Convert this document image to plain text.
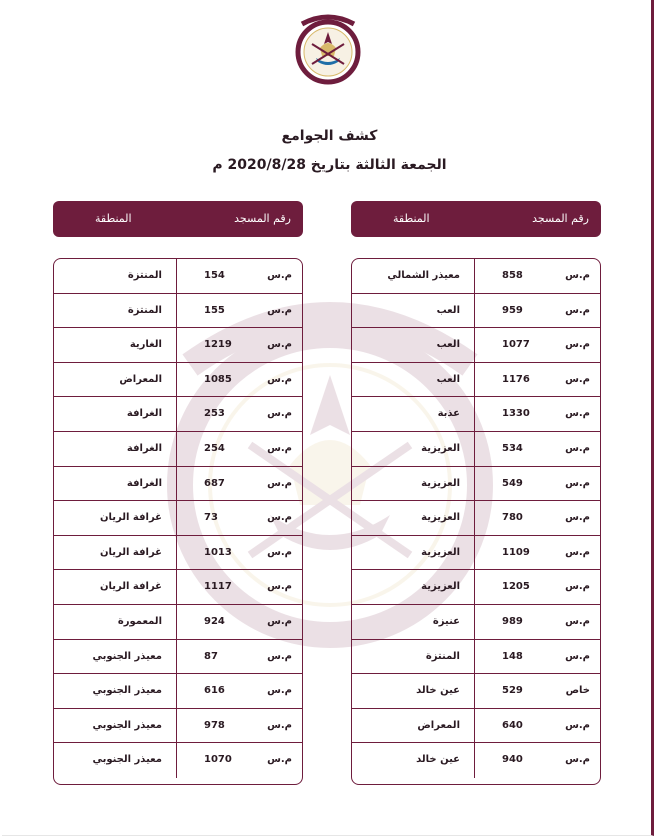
كشف الجوامع
الجمعة الثالثة بتاريخ 2020/8/28 م
رقم المسجد
المنطقة
رقم المسجد
المنطقة
م.س
858
معيذر الشمالي
م.س
959
العب
م.س
1077
العب
م.س
1176
العب
م.س
1330
عذبة
م.س
534
العزيزية
م.س
549
العزيزية
م.س
780
العزيزية
م.س
1109
العزيزية
م.س
1205
العزيزية
م.س
989
عنيزة
م.س
148
المنتزة
خاص
529
عين خالد
م.س
640
المعراض
م.س
940
عين خالد
م.س
154
المنتزة
م.س
155
المنتزة
م.س
1219
الغارية
م.س
1085
المعراض
م.س
253
الغرافة
م.س
254
الغرافة
م.س
687
الغرافة
م.س
73
غرافة الريان
م.س
1013
غرافة الريان
م.س
1117
غرافة الريان
م.س
924
المعمورة
م.س
87
معيذر الجنوبي
م.س
616
معيذر الجنوبي
م.س
978
معيذر الجنوبي
م.س
1070
معيذر الجنوبي
